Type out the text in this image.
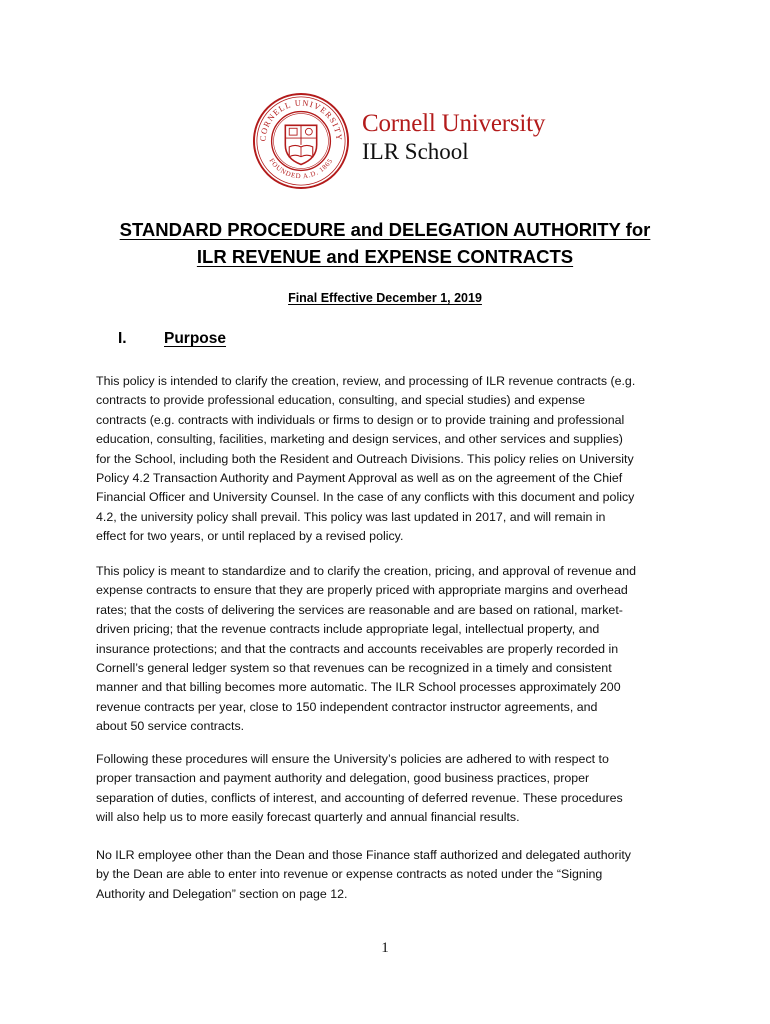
CORNELL UNIVERSITY
FOUNDED A.D. 1865
Cornell University
ILR School
STANDARD PROCEDURE and DELEGATION AUTHORITY for
ILR REVENUE and EXPENSE CONTRACTS
Final Effective December 1, 2019
I. Purpose
This policy is intended to clarify the creation, review, and processing of ILR revenue contracts (e.g.
contracts to provide professional education, consulting, and special studies) and expense
contracts (e.g. contracts with individuals or firms to design or to provide training and professional
education, consulting, facilities, marketing and design services, and other services and supplies)
for the School, including both the Resident and Outreach Divisions. This policy relies on University
Policy 4.2 Transaction Authority and Payment Approval as well as on the agreement of the Chief
Financial Officer and University Counsel. In the case of any conflicts with this document and policy
4.2, the university policy shall prevail. This policy was last updated in 2017, and will remain in
effect for two years, or until replaced by a revised policy.
This policy is meant to standardize and to clarify the creation, pricing, and approval of revenue and
expense contracts to ensure that they are properly priced with appropriate margins and overhead
rates; that the costs of delivering the services are reasonable and are based on rational, market-
driven pricing; that the revenue contracts include appropriate legal, intellectual property, and
insurance protections; and that the contracts and accounts receivables are properly recorded in
Cornell’s general ledger system so that revenues can be recognized in a timely and consistent
manner and that billing becomes more automatic. The ILR School processes approximately 200
revenue contracts per year, close to 150 independent contractor instructor agreements, and
about 50 service contracts.
Following these procedures will ensure the University’s policies are adhered to with respect to
proper transaction and payment authority and delegation, good business practices, proper
separation of duties, conflicts of interest, and accounting of deferred revenue. These procedures
will also help us to more easily forecast quarterly and annual financial results.
No ILR employee other than the Dean and those Finance staff authorized and delegated authority
by the Dean are able to enter into revenue or expense contracts as noted under the “Signing
Authority and Delegation” section on page 12.
1
